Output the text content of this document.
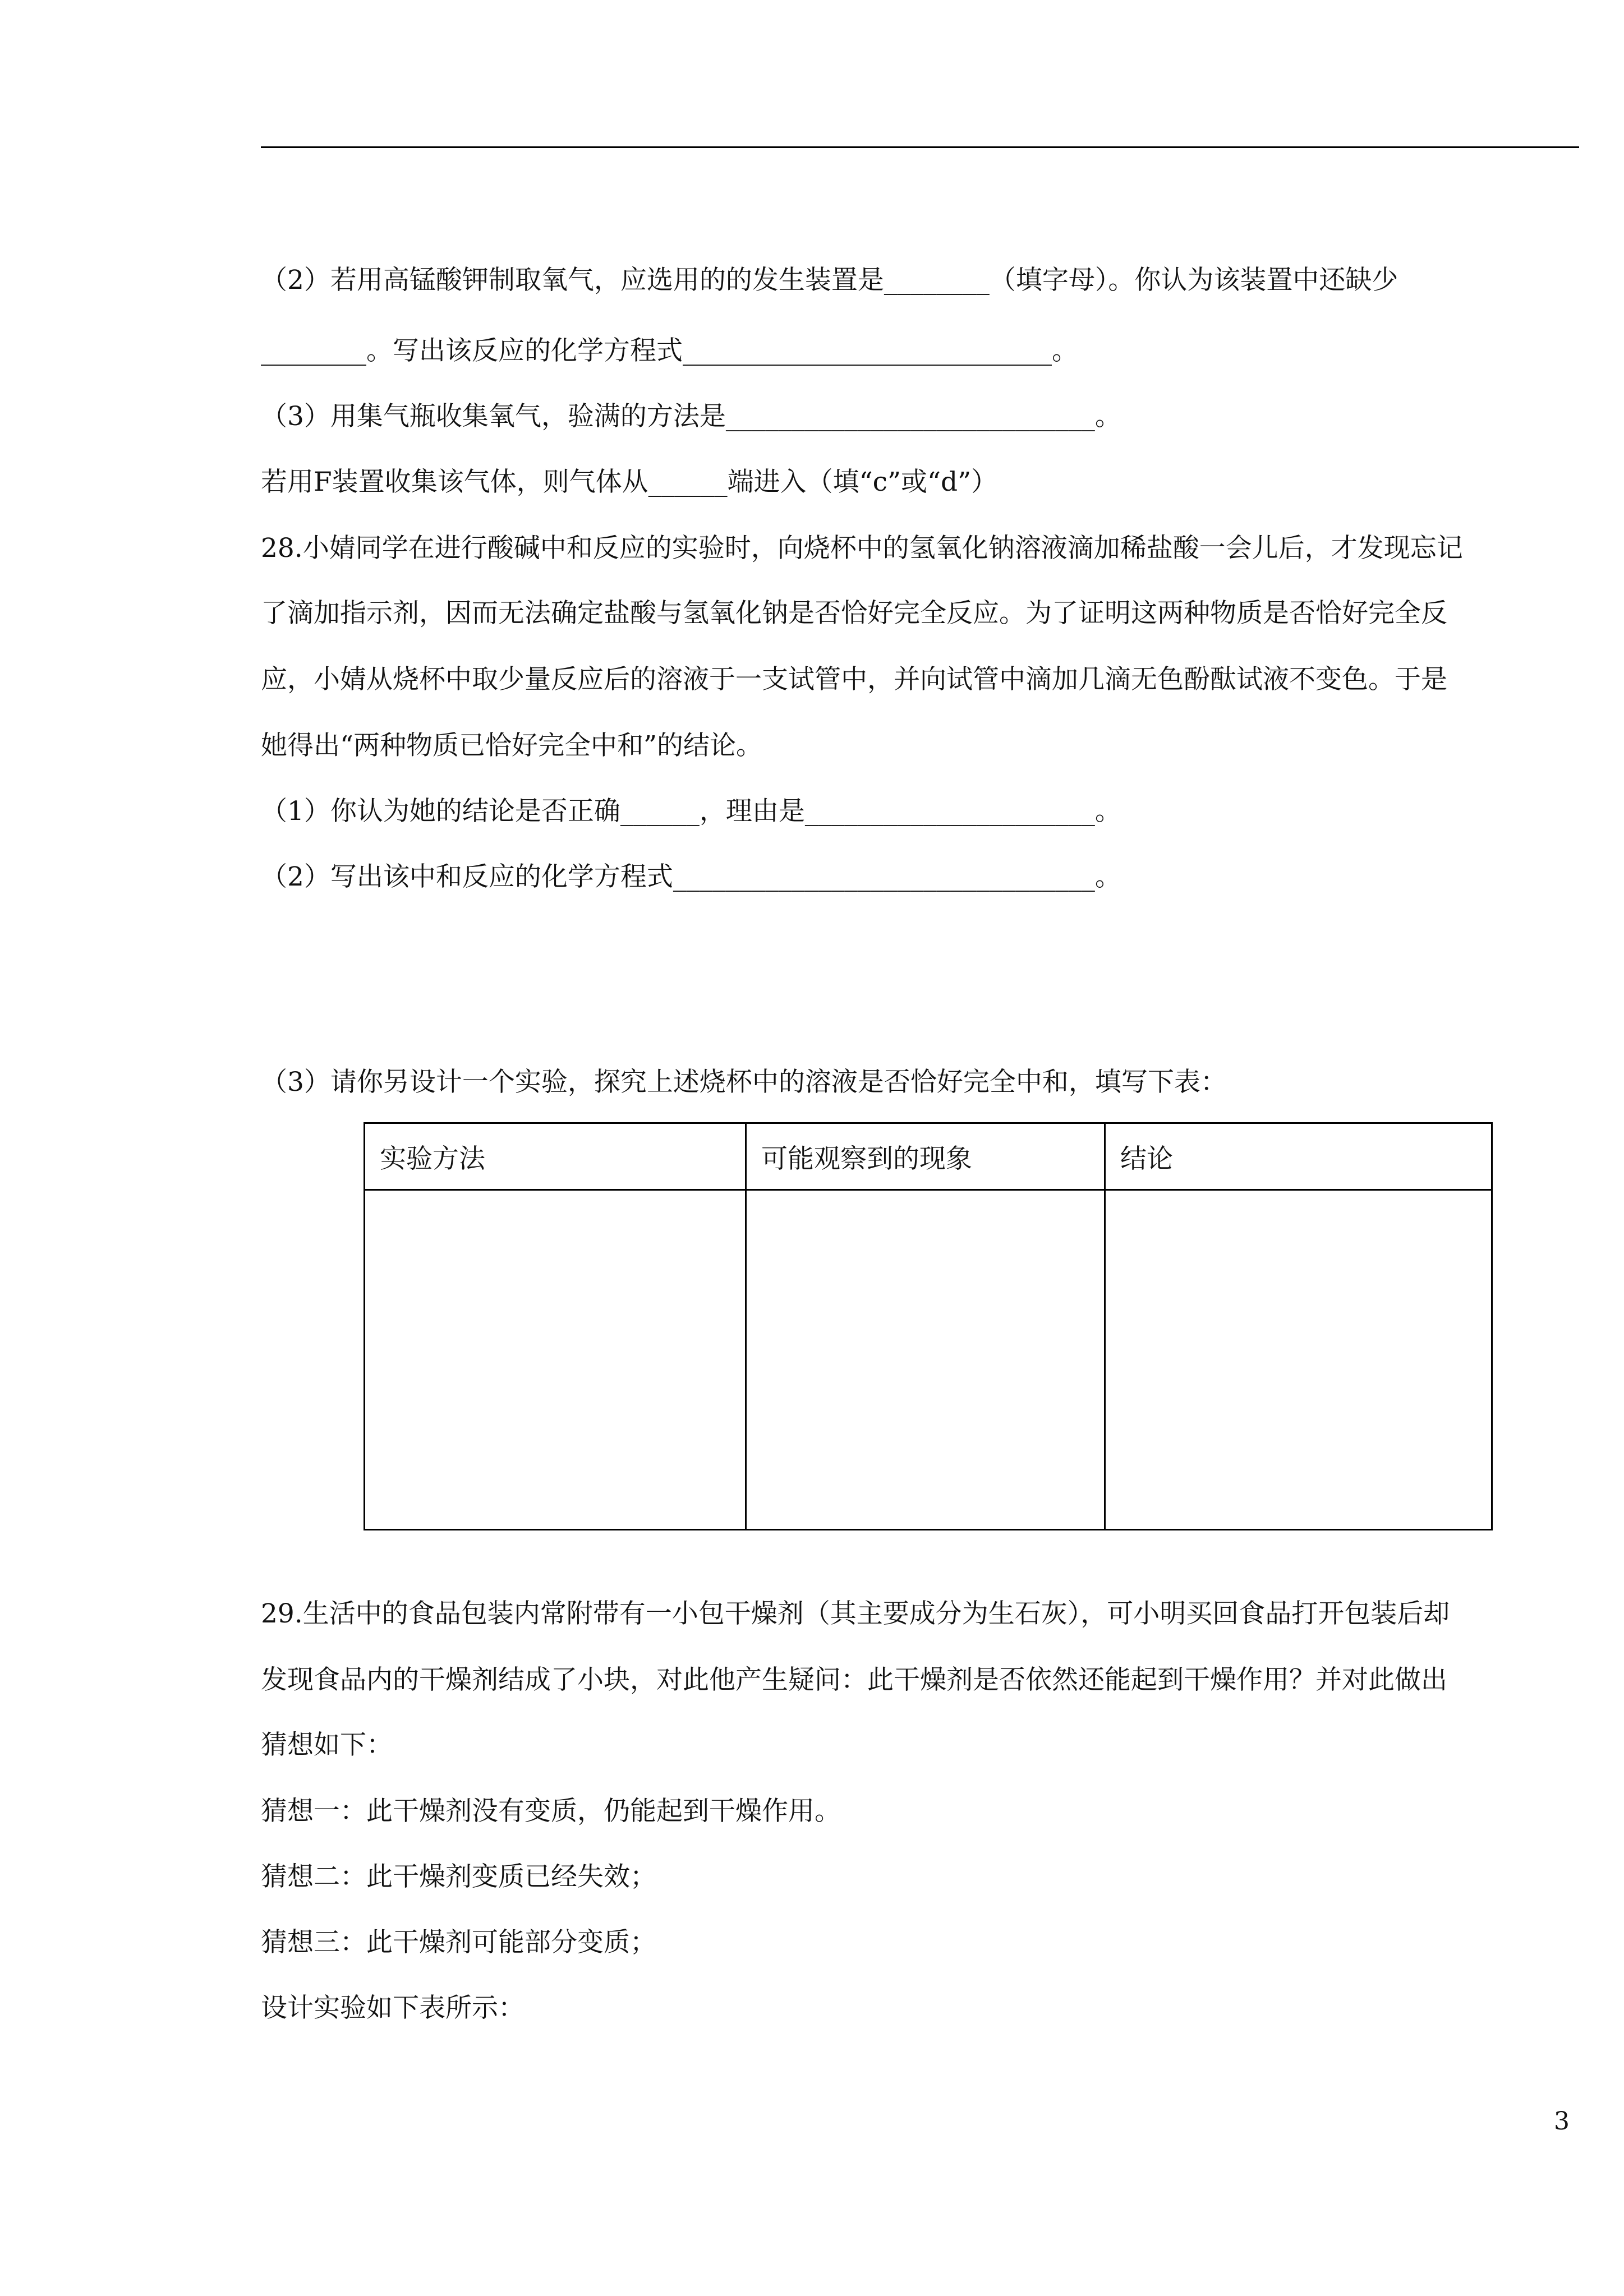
（2）若用高锰酸钾制取氧气，应选用的的发生装置是________（填字母）。你认为该装置中还缺少
________。写出该反应的化学方程式____________________________。
（3）用集气瓶收集氧气，验满的方法是____________________________。
若用F装置收集该气体，则气体从______端进入（填“c”或“d”）
28.小婧同学在进行酸碱中和反应的实验时，向烧杯中的氢氧化钠溶液滴加稀盐酸一会儿后，才发现忘记
了滴加指示剂，因而无法确定盐酸与氢氧化钠是否恰好完全反应。为了证明这两种物质是否恰好完全反
应，小婧从烧杯中取少量反应后的溶液于一支试管中，并向试管中滴加几滴无色酚酞试液不变色。于是
她得出“两种物质已恰好完全中和”的结论。
（1）你认为她的结论是否正确______，理由是______________________。
（2）写出该中和反应的化学方程式________________________________。
（3）请你另设计一个实验，探究上述烧杯中的溶液是否恰好完全中和，填写下表：
实验方法	可能观察到的现象	结论

29.生活中的食品包装内常附带有一小包干燥剂（其主要成分为生石灰），可小明买回食品打开包装后却
发现食品内的干燥剂结成了小块，对此他产生疑问：此干燥剂是否依然还能起到干燥作用？并对此做出
猜想如下：
猜想一：此干燥剂没有变质，仍能起到干燥作用。
猜想二：此干燥剂变质已经失效；
猜想三：此干燥剂可能部分变质；
设计实验如下表所示：
3
